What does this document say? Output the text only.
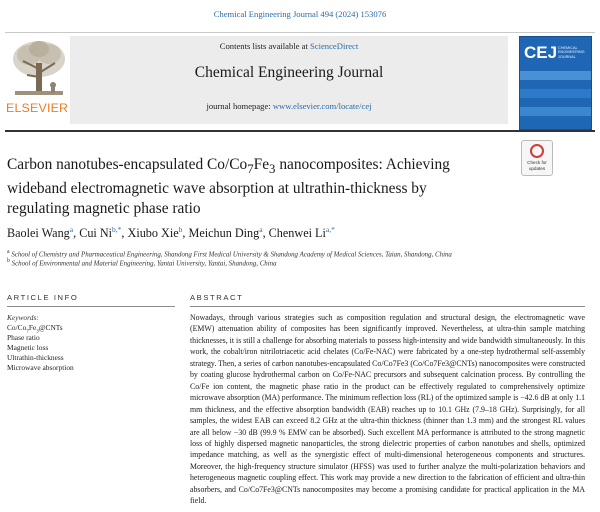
Chemical Engineering Journal 494 (2024) 153076
ELSEVIER
Contents lists available at ScienceDirect
Chemical Engineering Journal
journal homepage: www.elsevier.com/locate/cej
CEJ CHEMICAL ENGINEERING JOURNAL
Carbon nanotubes-encapsulated $Co/Co_7Fe_3$ nanocomposites: Achieving
wideband electromagnetic wave absorption at ultrathin-thickness by
regulating magnetic phase ratio
Check for
updates
Baolei Wang$^a$, Cui $Ni^{b,*}$, Xiubo Xie$^b$, Meichun Ding$^a$, Chenwei $Li^{a,*}$
$^a$ School of Chemistry and Pharmaceutical Engineering, Shandong First Medical University & Shandong Academy of Medical Sciences, Taian, Shandong, China
$^b$ School of Environmental and Material Engineering, Yantai University, Yantai, Shandong, China
ARTICLE INFO	ABSTRACT
Keywords:
$Co/Co_7Fe_3@CNTs$
Phase ratio
Magnetic loss
Ultrathin-thickness
Microwave absorption
Nowadays, through various strategies such as composition regulation and structural design, the electromagnetic wave (EMW) attenuation ability of composites has been significantly improved. Nevertheless, at ultra-thin sample matching thicknesses, it is still a challenge for absorbing materials to possess high-intensity and wide bandwidth simultaneously. In this work, the cobalt/iron nitrilotriacetic acid chelates (Co/Fe-NAC) were fabricated by a one-step hydrothermal self-assembly strategy. Then, a series of carbon nanotubes-encapsulated Co/Co7Fe3 (Co/Co7Fe3@CNTs) nanocomposites were constructed by coating glucose hydrothermal carbon on Co/Fe-NAC precursors and subsequent calcination process. By controlling the Co/Fe ion content, the magnetic phase ratio in the product can be effectively regulated to comprehensively optimize microwave absorption (MA) performance. The minimum reflection loss (RL) of the optimized sample is −42.6 dB at only 1.1 mm thickness, and the effective absorption bandwidth (EAB) reaches up to 10.1 GHz (7.9–18 GHz). Surprisingly, for all samples, the widest EAB can exceed 8.2 GHz at the ultra-thin thickness (thinner than 1.3 mm) and the strongest RL values are all below −30 dB (99.9 % EMW can be absorbed). Such excellent MA performance is attributed to the strong magnetic loss of highly dispersed magnetic nanoparticles, the strong dielectric properties of carbon nanotubes and shells, optimized impedance matching, as well as the synergistic effect of multi-dimensional heterogeneous components and structures. Moreover, the high-frequency structure simulator (HFSS) was used to further analyze the multi-polarization behaviors and heterogeneous magnetic coupling effect. This work may provide a new direction to the fabrication of efficient and ultra-thin absorbers, and Co/Co7Fe3@CNTs nanocomposites may become a promising candidate for practical application in the MA field.
